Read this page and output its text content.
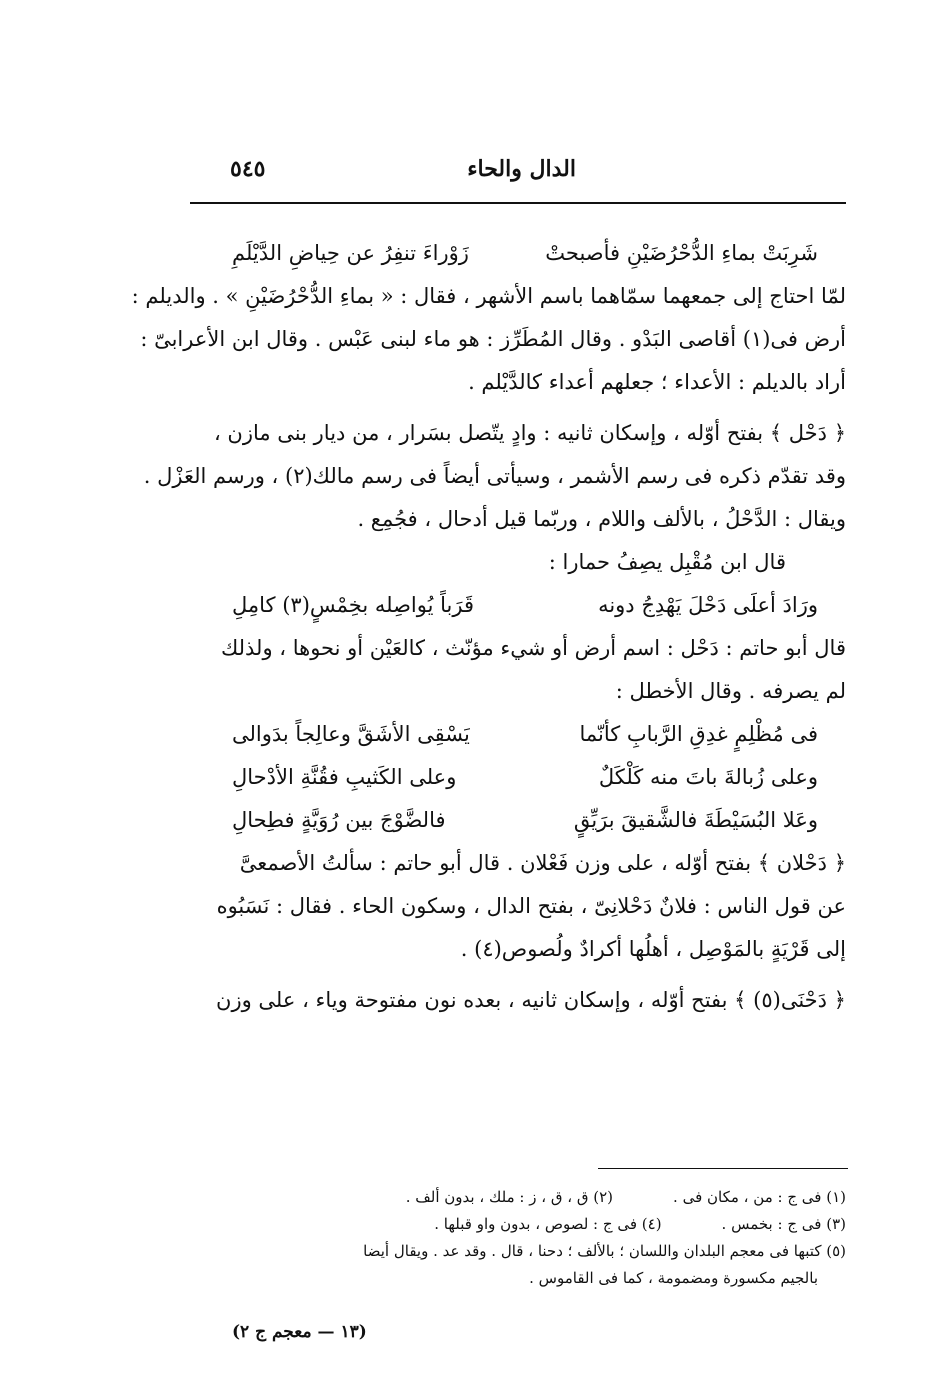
الدال والحاء
٥٤٥
شَرِبَتْ بماءِ الدُّحْرُضَيْنِ فأصبحتْ
زَوْراءَ تنفِرُ عن حِياضِ الدَّيْلَمِ
لمّا احتاج إلى جمعهما سمّاهما باسم الأشهر ، فقال : « بماءِ الدُّحْرُضَيْنِ » . والديلم :
أرض فى(١) أقاصى البَدْو . وقال المُطَرِّز : هو ماء لبنى عَبْس . وقال ابن الأعرابىّ :
أراد بالديلم : الأعداء ؛ جعلهم أعداء كالدَّيْلم .
﴿ دَحْل ﴾ بفتح أوّله ، وإسكان ثانيه : وادٍ يتّصل بسَرار ، من ديار بنى مازن ،
وقد تقدّم ذكره فى رسم الأشمر ، وسيأتى أيضاً فى رسم مالك(٢) ، ورسم العَزْل .
ويقال : الدَّحْلُ ، بالألف واللام ، وربّما قيل أدحال ، فجُمِع .
قال ابن مُقْبِل يصِفُ حمارا :
ورَادَ أعلَى دَحْلَ يَهْدِجُ دونه
قَرَباً يُواصِله بخِمْسٍ(٣) كامِلِ
قال أبو حاتم : دَحْل : اسم أرض أو شيء مؤنّث ، كالعَيْن أو نحوها ، ولذلك
لم يصرفه . وقال الأخطل :
فى مُظْلِمٍ غدِقِ الرَّبابِ كأنّما
يَسْقِى الأشَقَّ وعالِجاً بدَوالى
وعلى زُبالةَ باتَ منه كَلْكَلٌ
وعلى الكَثيبِ فقُنَّةِ الأدْحالِ
وعَلا البُسَيْطَةَ فالشَّقيقَ برَيِّقٍ
فالضَّوْجَ بين رُوَيَّةٍ فطِحالِ
﴿ دَحْلان ﴾ بفتح أوّله ، على وزن فَعْلان . قال أبو حاتم : سألتُ الأصمعىَّ
عن قول الناس : فلانٌ دَحْلانِىّ ، بفتح الدال ، وسكون الحاء . فقال : نَسَبُوه
إلى قَرْيَةٍ بالمَوْصِل ، أهلُها أكرادٌ ولُصوص(٤) .
﴿ دَحْنَى(٥) ﴾ بفتح أوّله ، وإسكان ثانيه ، بعده نون مفتوحة وياء ، على وزن
(١) فى ج : من ، مكان فى .
(٢) ق ، ق ، ز : ملك ، بدون ألف .
(٣) فى ج : بخمس .
(٤) فى ج : لصوص ، بدون واو قبلها .
(٥) كتبها فى معجم البلدان واللسان ؛ بالألف ؛ دحنا ، قال . وقد عد . ويقال أيضا
بالجيم مكسورة ومضمومة ، كما فى القاموس .
(١٣ — معجم ج ٢)
